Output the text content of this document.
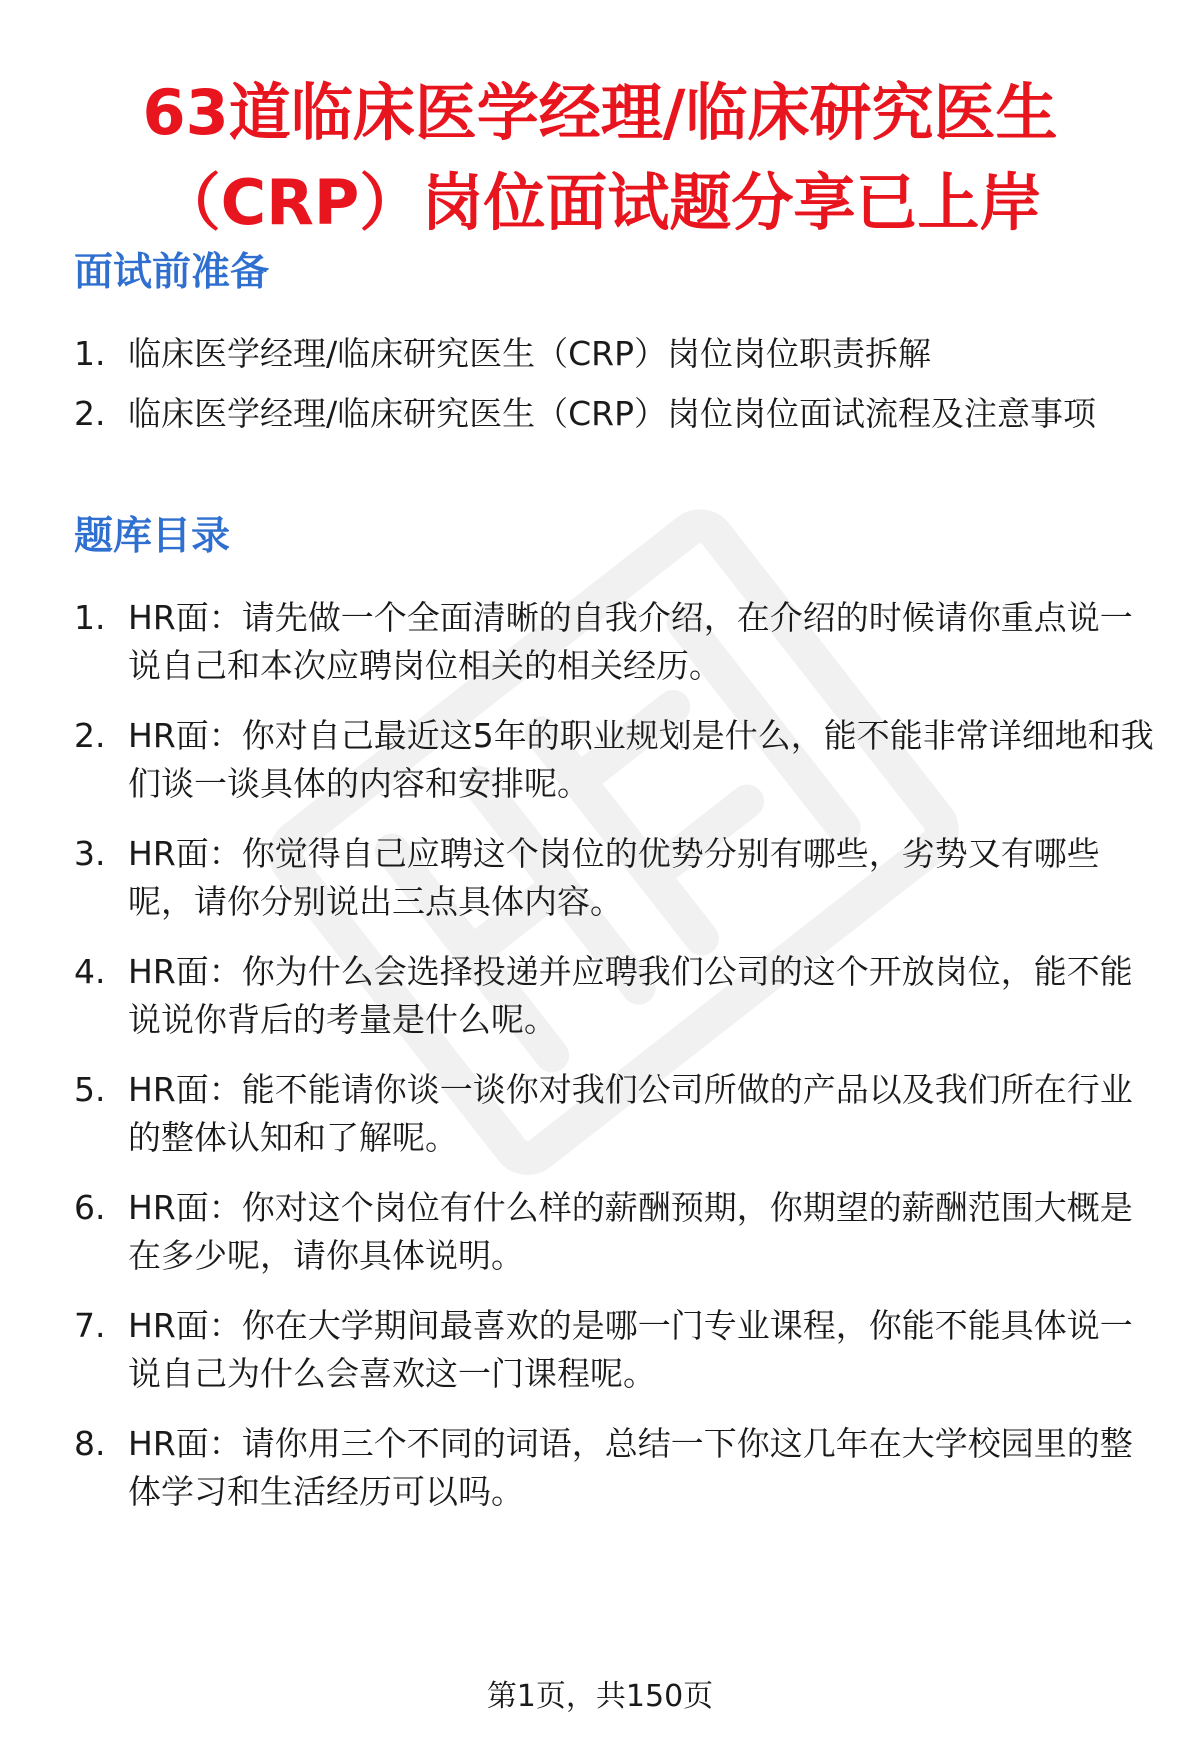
63道临床医学经理/临床研究医生
（CRP）岗位面试题分享已上岸
面试前准备
1. 临床医学经理/临床研究医生（CRP）岗位岗位职责拆解
2. 临床医学经理/临床研究医生（CRP）岗位岗位面试流程及注意事项
题库目录
1. HR面：请先做一个全面清晰的自我介绍，在介绍的时候请你重点说一说自己和本次应聘岗位相关的相关经历。
2. HR面：你对自己最近这5年的职业规划是什么，能不能非常详细地和我们谈一谈具体的内容和安排呢。
3. HR面：你觉得自己应聘这个岗位的优势分别有哪些，劣势又有哪些呢，请你分别说出三点具体内容。
4. HR面：你为什么会选择投递并应聘我们公司的这个开放岗位，能不能说说你背后的考量是什么呢。
5. HR面：能不能请你谈一谈你对我们公司所做的产品以及我们所在行业的整体认知和了解呢。
6. HR面：你对这个岗位有什么样的薪酬预期，你期望的薪酬范围大概是在多少呢，请你具体说明。
7. HR面：你在大学期间最喜欢的是哪一门专业课程，你能不能具体说一说自己为什么会喜欢这一门课程呢。
8. HR面：请你用三个不同的词语，总结一下你这几年在大学校园里的整体学习和生活经历可以吗。
第1页，共150页
